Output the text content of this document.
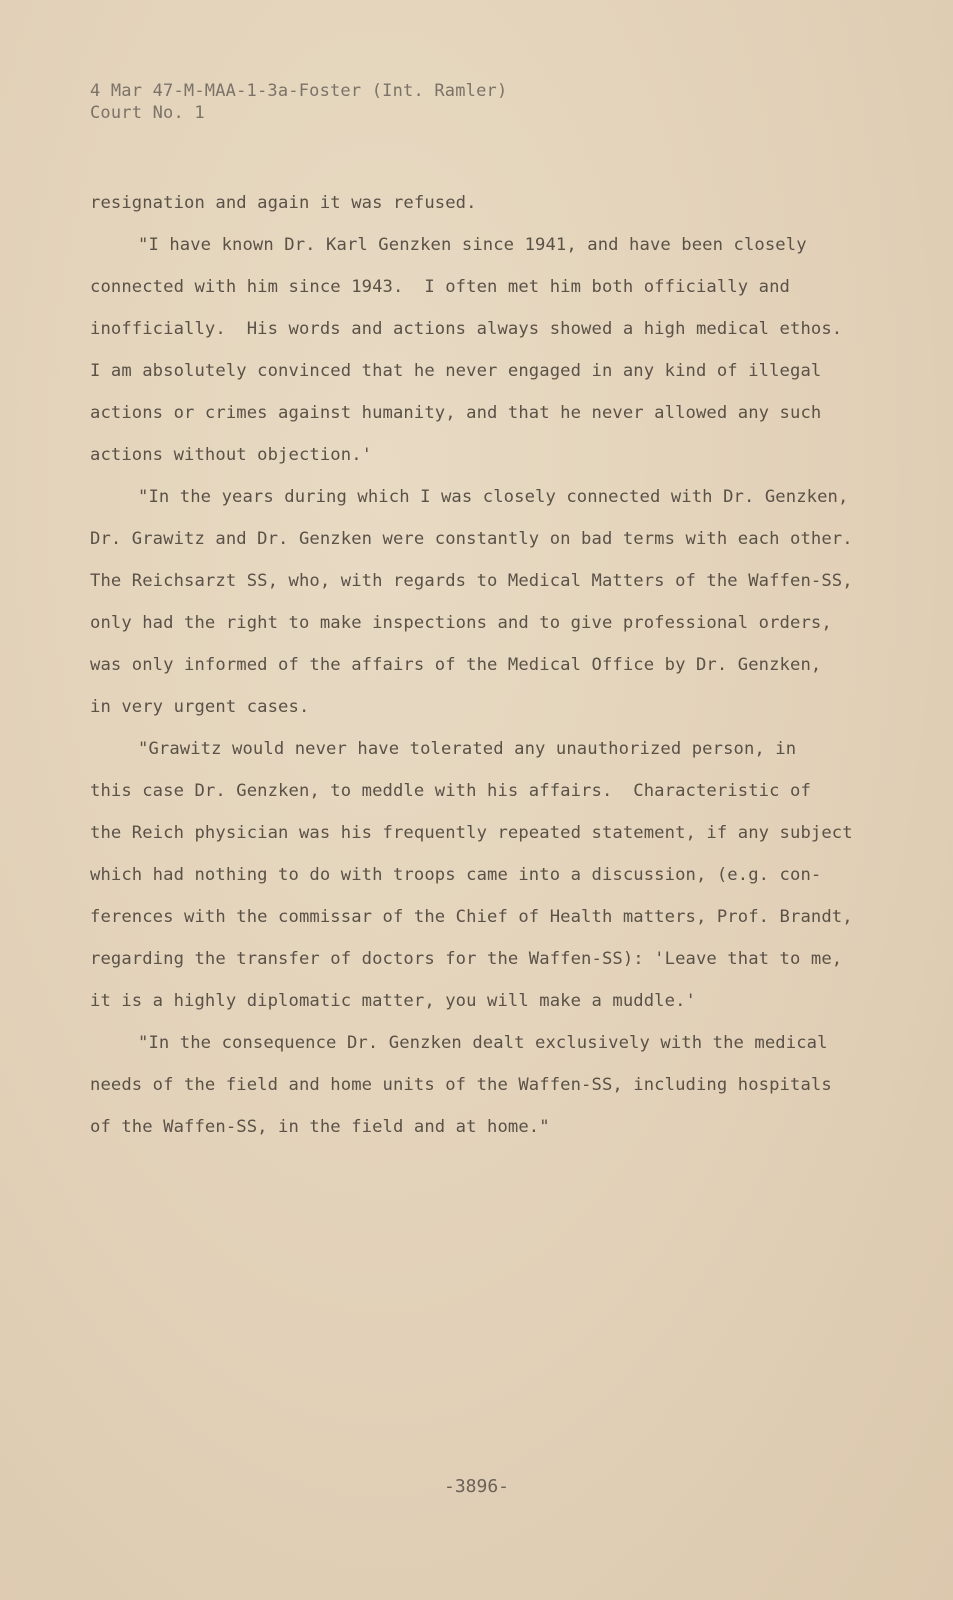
4 Mar 47-M-MAA-1-3a-Foster (Int. Ramler)
Court No. 1
resignation and again it was refused.
"I have known Dr. Karl Genzken since 1941, and have been closely
connected with him since 1943.  I often met him both officially and
inofficially.  His words and actions always showed a high medical ethos.
I am absolutely convinced that he never engaged in any kind of illegal
actions or crimes against humanity, and that he never allowed any such
actions without objection.'
"In the years during which I was closely connected with Dr. Genzken,
Dr. Grawitz and Dr. Genzken were constantly on bad terms with each other.
The Reichsarzt SS, who, with regards to Medical Matters of the Waffen-SS,
only had the right to make inspections and to give professional orders,
was only informed of the affairs of the Medical Office by Dr. Genzken,
in very urgent cases.
"Grawitz would never have tolerated any unauthorized person, in
this case Dr. Genzken, to meddle with his affairs.  Characteristic of
the Reich physician was his frequently repeated statement, if any subject
which had nothing to do with troops came into a discussion, (e.g. con-
ferences with the commissar of the Chief of Health matters, Prof. Brandt,
regarding the transfer of doctors for the Waffen-SS): 'Leave that to me,
it is a highly diplomatic matter, you will make a muddle.'
"In the consequence Dr. Genzken dealt exclusively with the medical
needs of the field and home units of the Waffen-SS, including hospitals
of the Waffen-SS, in the field and at home."
-3896-
